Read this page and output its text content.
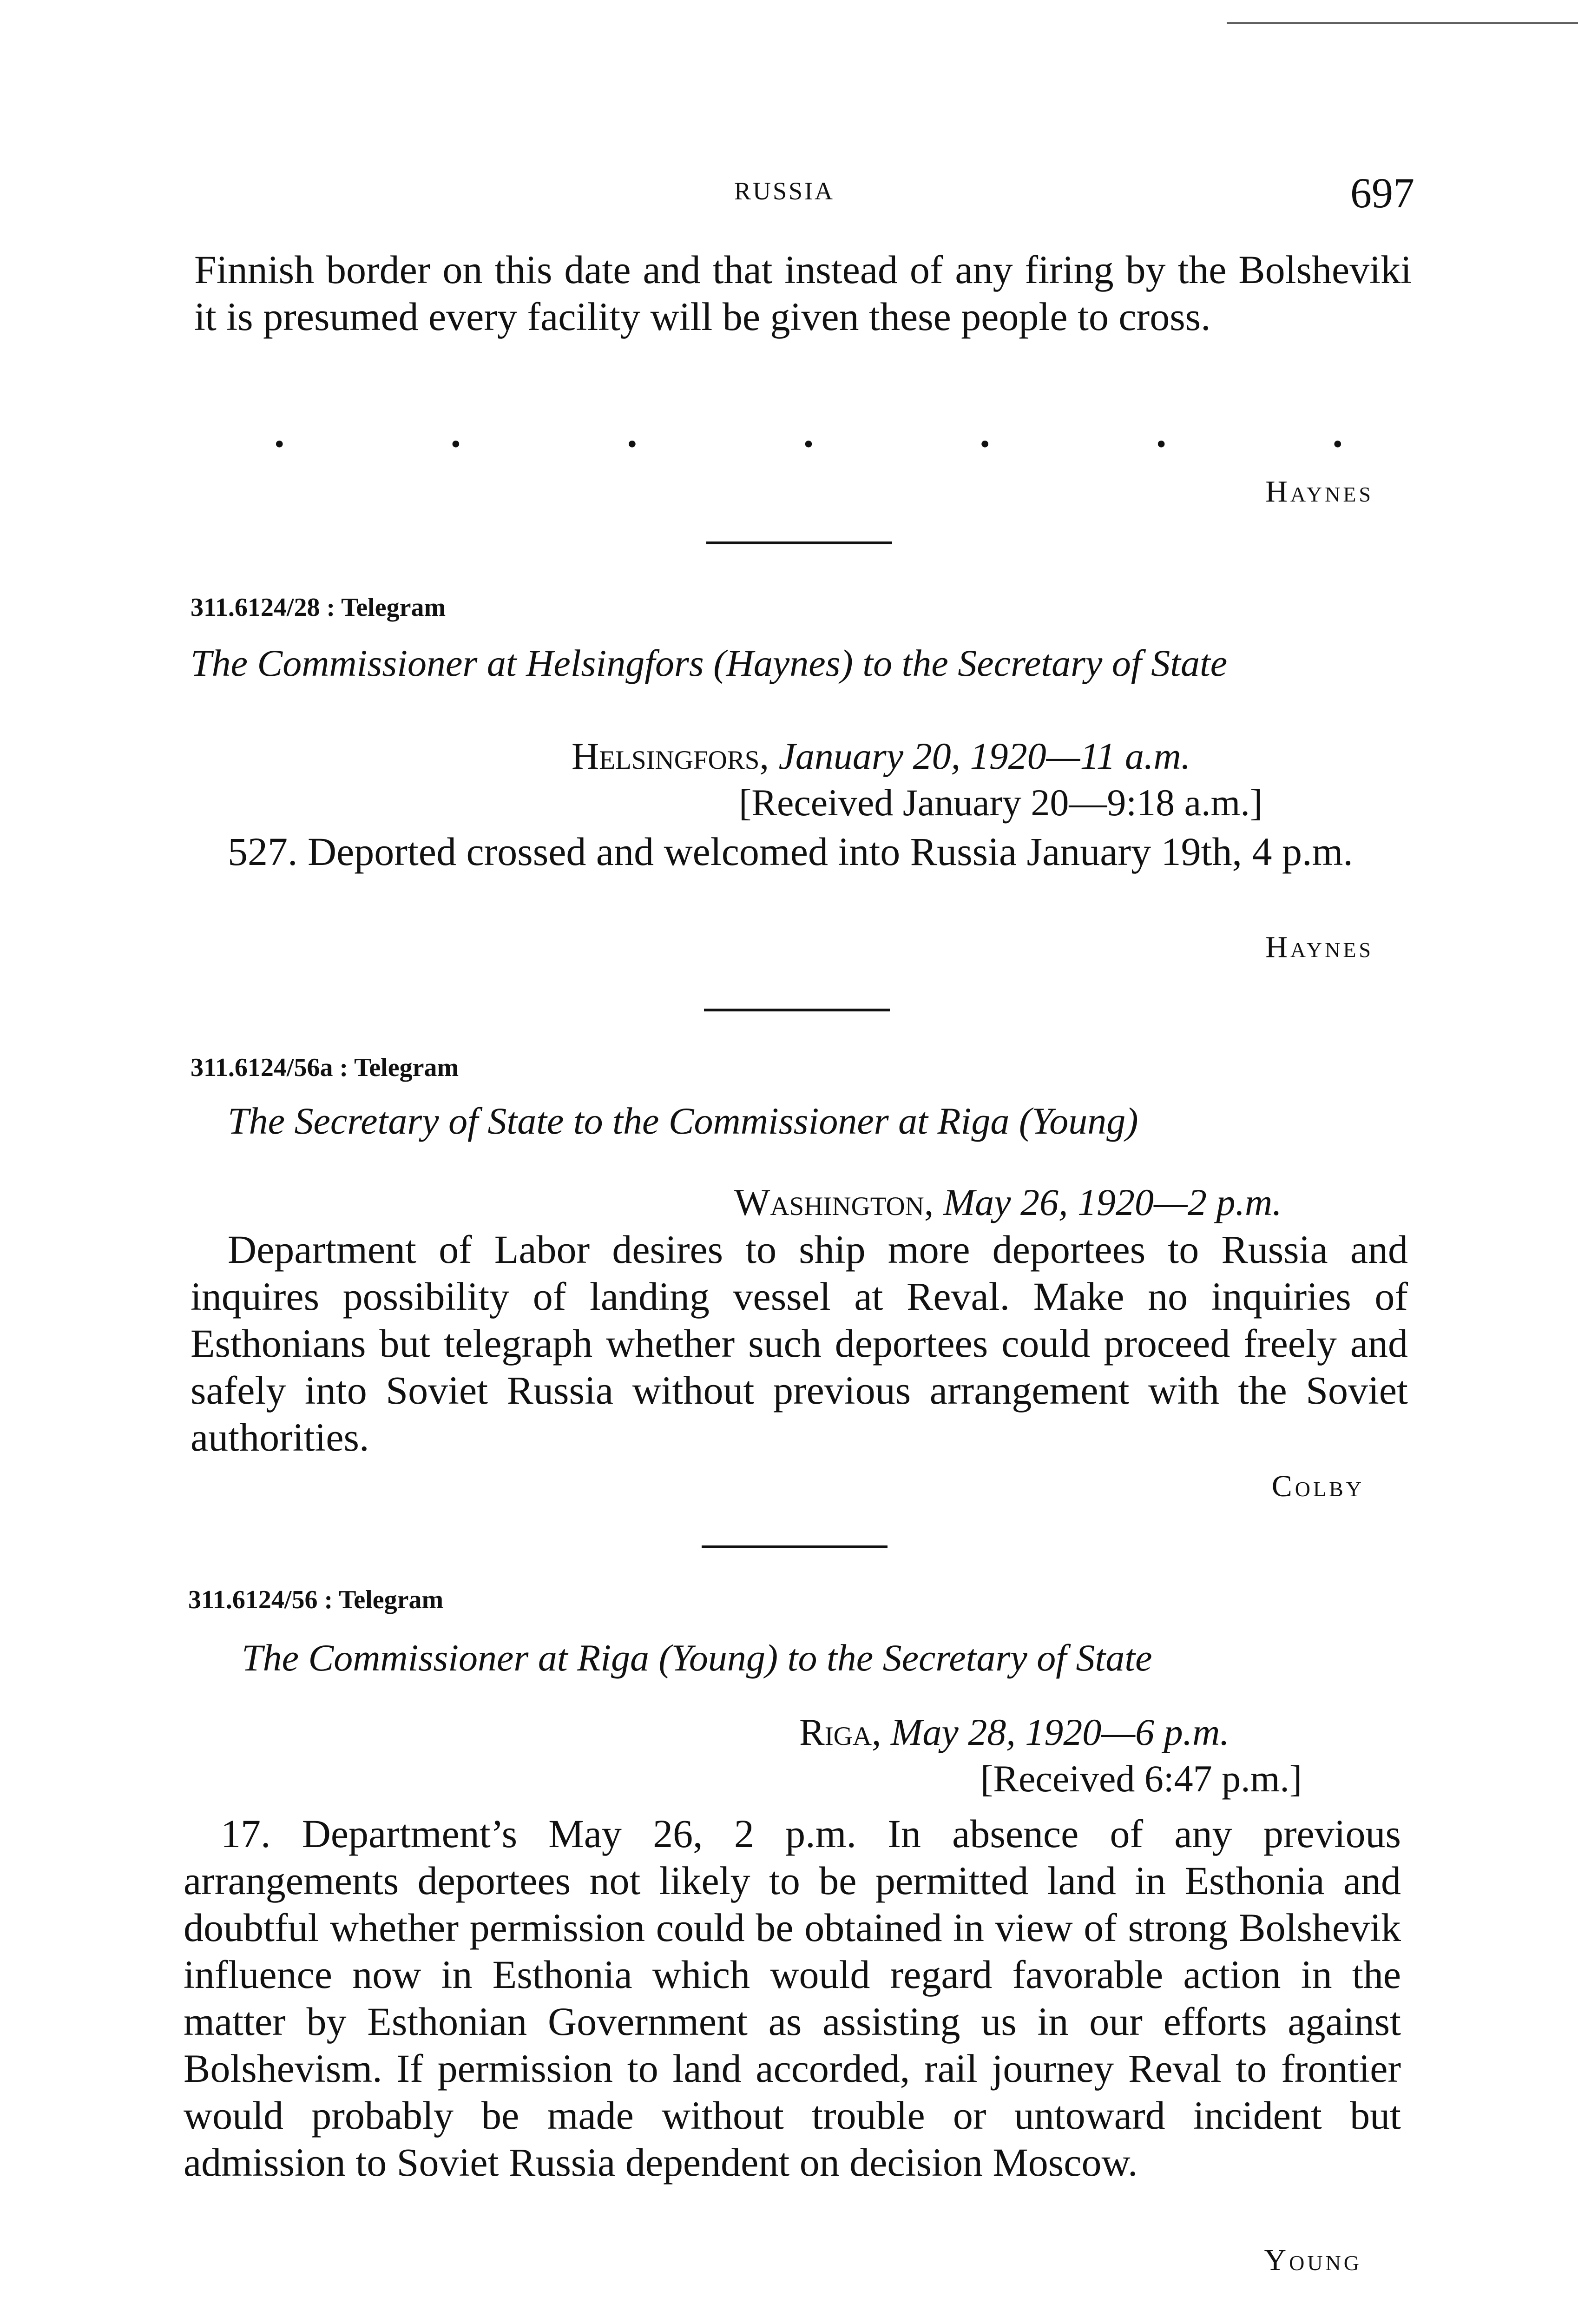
RUSSIA	697
Finnish border on this date and that instead of any firing by the Bolsheviki it is presumed every facility will be given these people to cross.
.	.	.	.	.	.	.
Haynes
311.6124/28 : Telegram
The Commissioner at Helsingfors (Haynes) to the Secretary of State
Helsingfors, January 20, 1920—11 a.m.
[Received January 20—9:18 a.m.]
527. Deported crossed and welcomed into Russia January 19th, 4 p.m.
Haynes
311.6124/56a : Telegram
The Secretary of State to the Commissioner at Riga (Young)
Washington, May 26, 1920—2 p.m.
Department of Labor desires to ship more deportees to Russia and inquires possibility of landing vessel at Reval. Make no inquiries of Esthonians but telegraph whether such deportees could proceed freely and safely into Soviet Russia without previous arrangement with the Soviet authorities.
Colby
311.6124/56 : Telegram
The Commissioner at Riga (Young) to the Secretary of State
Riga, May 28, 1920—6 p.m.
[Received 6:47 p.m.]
17. Department’s May 26, 2 p.m. In absence of any previous arrangements deportees not likely to be permitted land in Esthonia and doubtful whether permission could be obtained in view of strong Bolshevik influence now in Esthonia which would regard favorable action in the matter by Esthonian Government as assisting us in our efforts against Bolshevism. If permission to land accorded, rail journey Reval to frontier would probably be made without trouble or untoward incident but admission to Soviet Russia dependent on decision Moscow.
Young
